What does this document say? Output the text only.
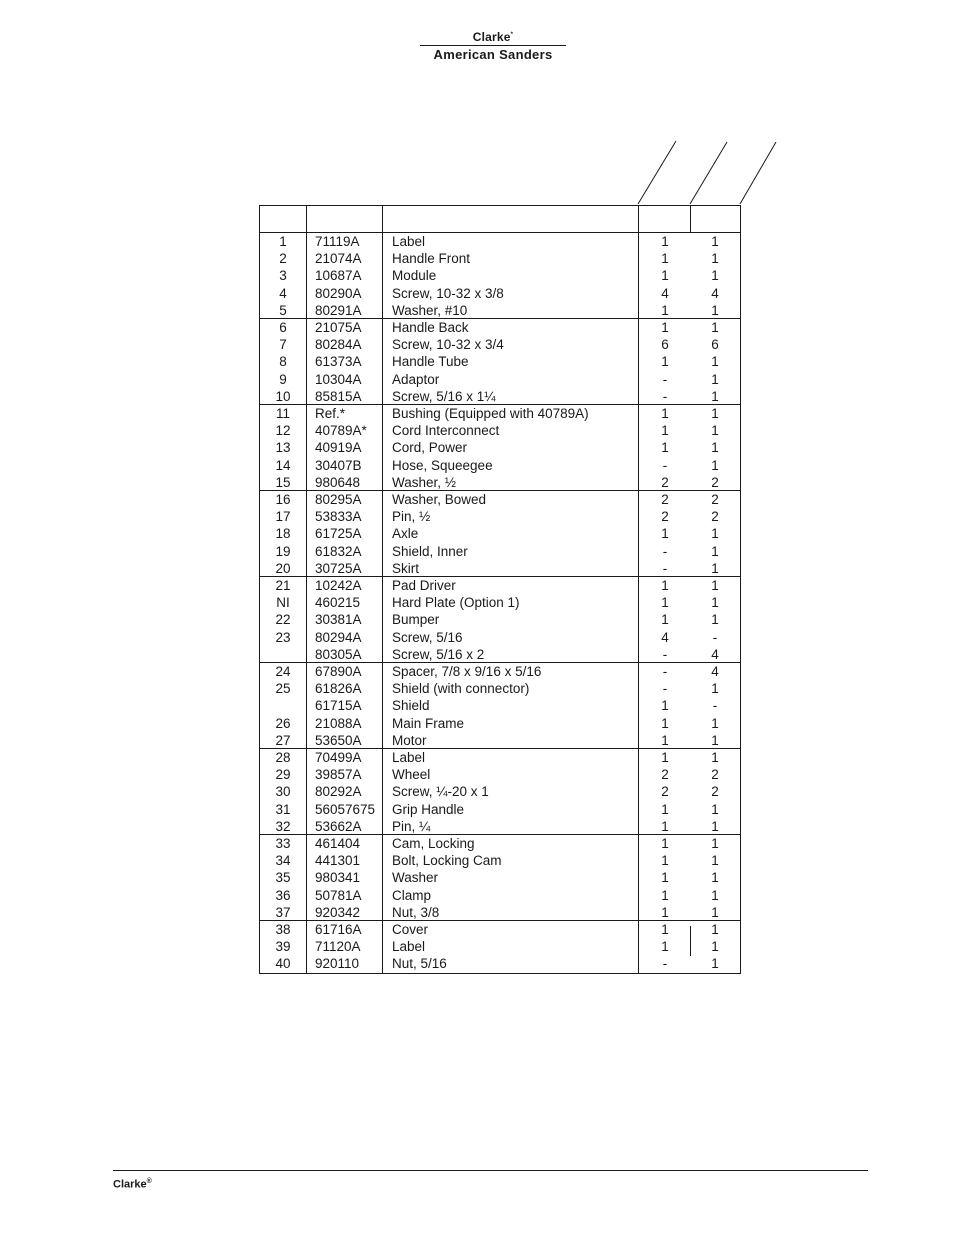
Clarke*
American Sanders
1	71119A Label	1	1
2	21074A Handle Front	1	1
3	10687A Module	1	1
4	80290A Screw, 10-32 x 3/8	4	4
5	80291A Washer, #10	1	1
6	21075A Handle Back	1	1
7	80284A Screw, 10-32 x 3/4	6	6
8	61373A Handle Tube	1	1
9	10304A Adaptor	-	1
10	85815A Screw, 5/16 x 1¼	-	1
11	Ref.*	Bushing (Equipped with 40789A)	1	1
12	40789A* Cord Interconnect	1	1
13	40919A Cord, Power	1	1
14	30407B Hose, Squeegee	-	1
15	980648 Washer, ½	2	2
16	80295A Washer, Bowed	2	2
17	53833A Pin, ½	2	2
18	61725A Axle	1	1
19	61832A Shield, Inner	-	1
20	30725A Skirt	-	1
21	10242A Pad Driver	1	1
NI	460215 Hard Plate (Option 1)	1	1
22	30381A Bumper	1	1
23	80294A Screw, 5/16	4	-
80305A Screw, 5/16 x 2	-	4
24	67890A Spacer, 7/8 x 9/16 x 5/16	-	4
25	61826A Shield (with connector)	-	1
61715A Shield	1	-
26	21088A Main Frame	1	1
27	53650A Motor	1	1
28	70499A Label	1	1
29	39857A Wheel	2	2
30	80292A Screw, ¼-20 x 1	2	2
31	56057675 Grip Handle	1	1
32	53662A Pin, ¼	1	1
33	461404 Cam, Locking	1	1
34	441301 Bolt, Locking Cam	1	1
35	980341 Washer	1	1
36	50781A Clamp	1	1
37	920342 Nut, 3/8	1	1
38	61716A Cover	1	1
39	71120A Label	1	1
40	920110 Nut, 5/16	-	1
Clarke®
